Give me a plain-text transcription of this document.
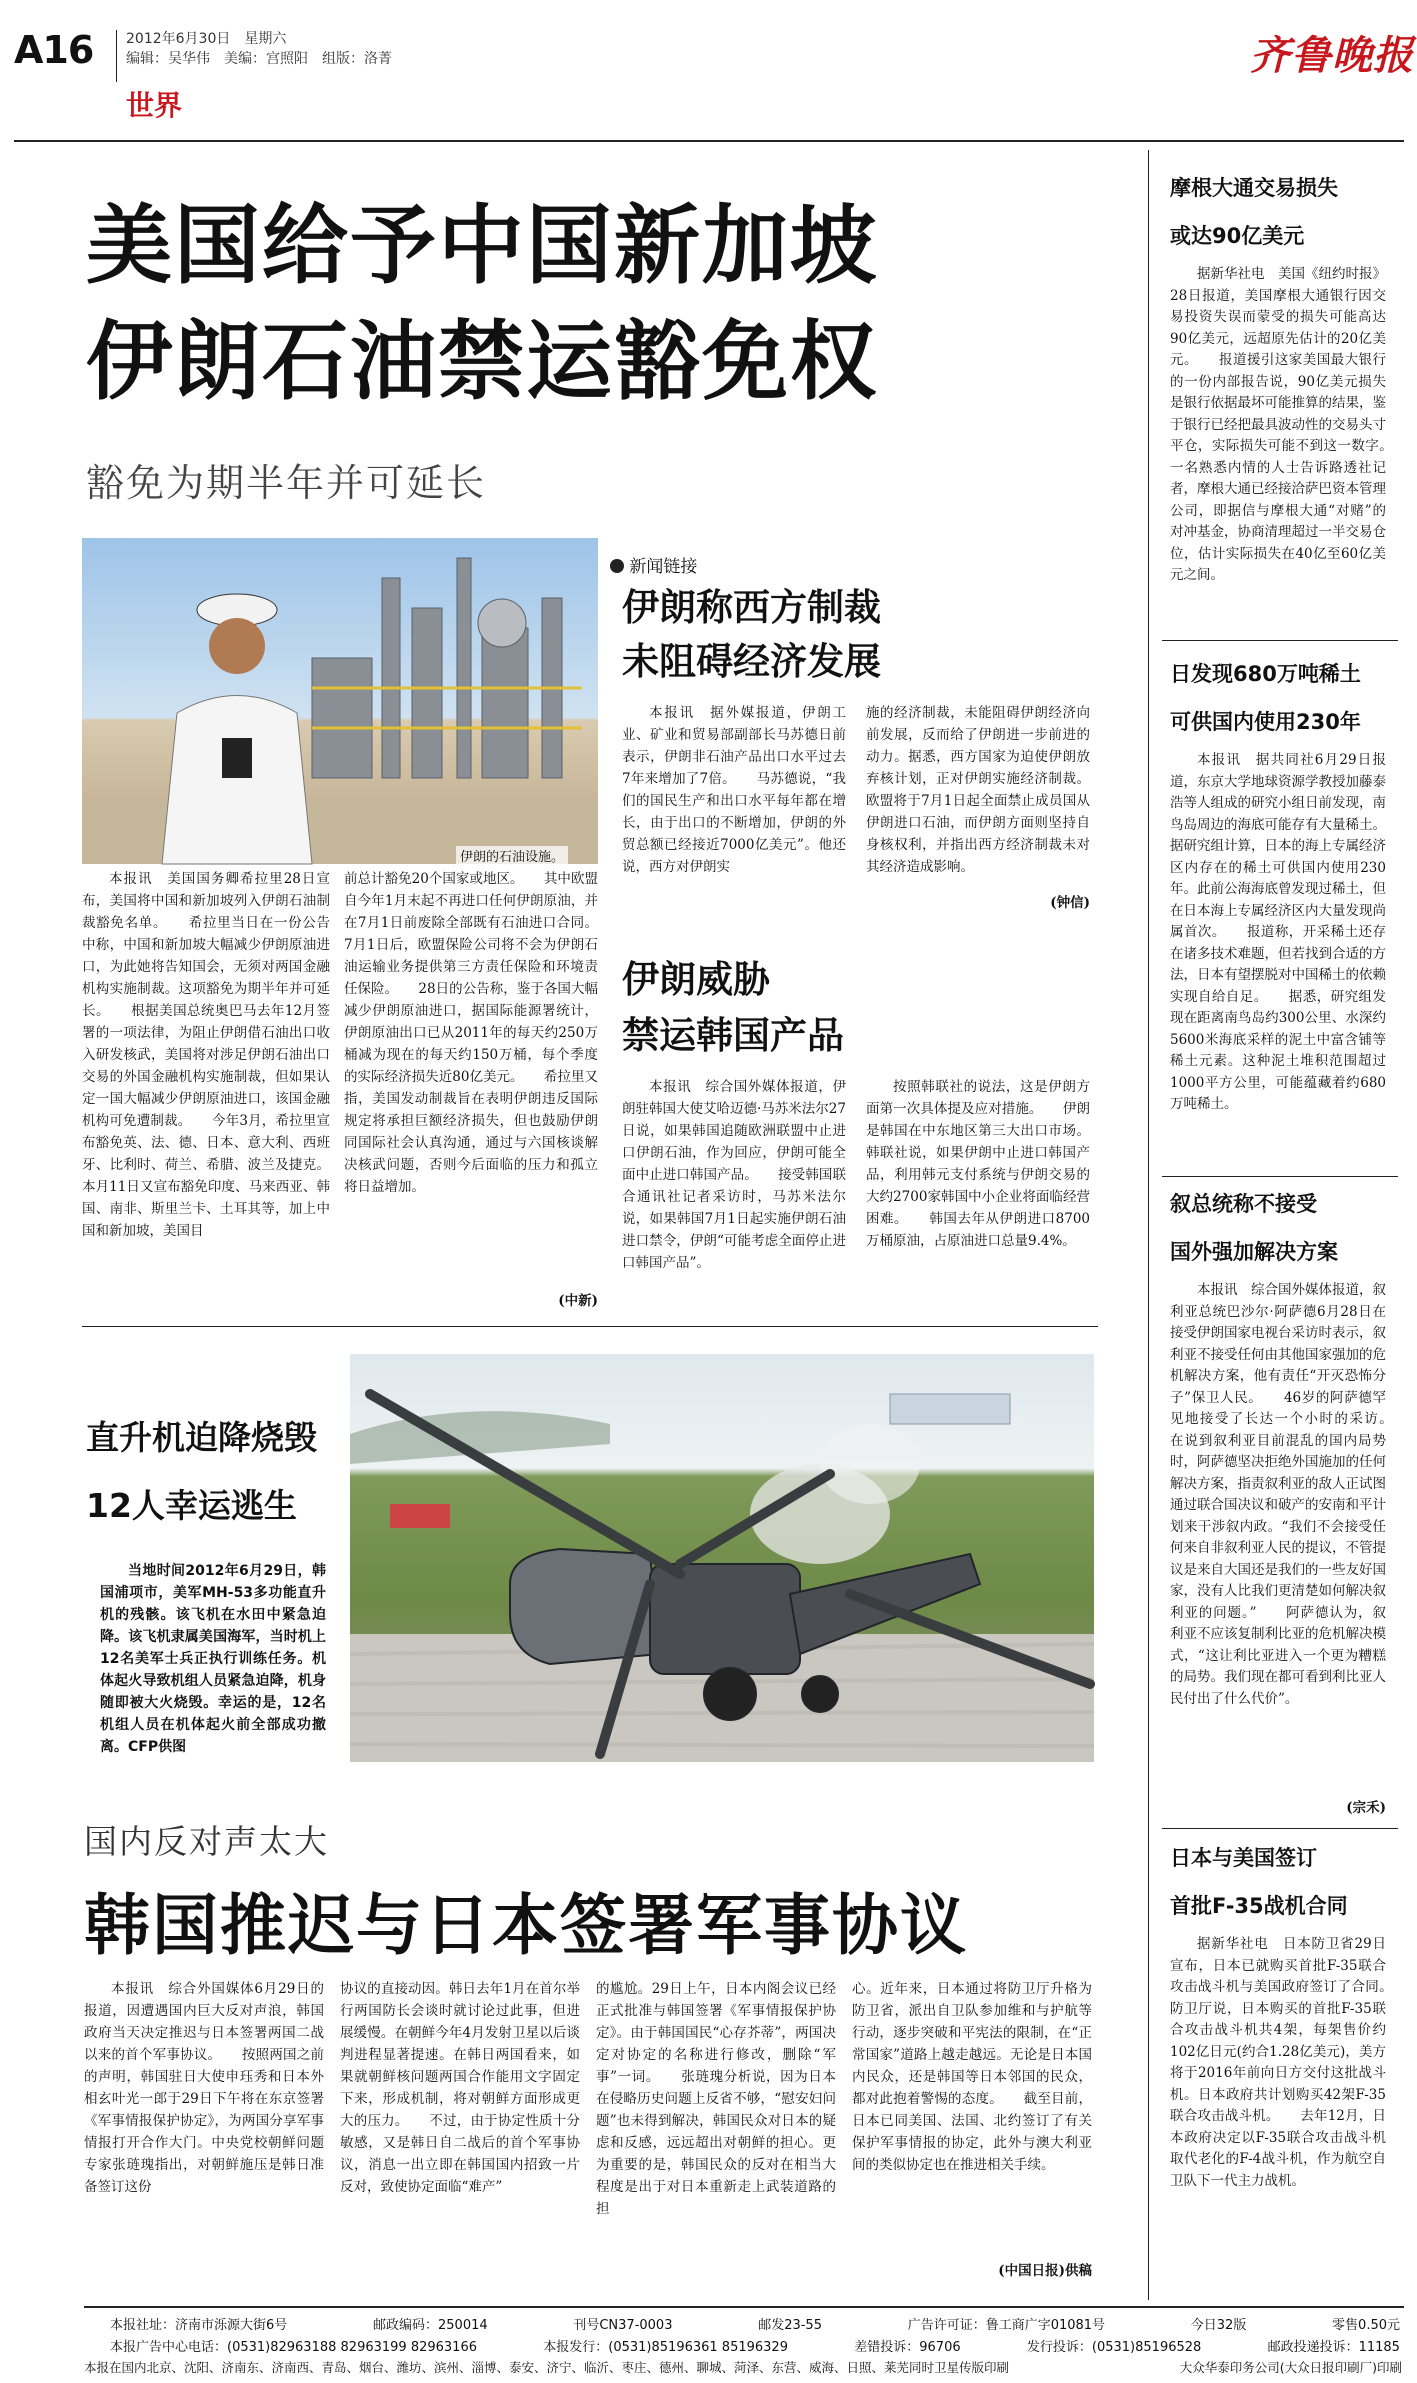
A16 2012年6月30日　星期六
编辑：吴华伟　美编：宫照阳　组版：洛菁
世界
齐鲁晚报
美国给予中国新加坡
伊朗石油禁运豁免权
豁免为期半年并可延长
伊朗的石油设施。
本报讯　美国国务卿希拉里28日宣布，美国将中国和新加坡列入伊朗石油制裁豁免名单。　　希拉里当日在一份公告中称，中国和新加坡大幅减少伊朗原油进口，为此她将告知国会，无须对两国金融机构实施制裁。这项豁免为期半年并可延长。　　根据美国总统奥巴马去年12月签署的一项法律，为阻止伊朗借石油出口收入研发核武，美国将对涉足伊朗石油出口交易的外国金融机构实施制裁，但如果认定一国大幅减少伊朗原油进口，该国金融机构可免遭制裁。　　今年3月，希拉里宣布豁免英、法、德、日本、意大利、西班牙、比利时、荷兰、希腊、波兰及捷克。本月11日又宣布豁免印度、马来西亚、韩国、南非、斯里兰卡、土耳其等，加上中国和新加坡，美国目
前总计豁免20个国家或地区。　　其中欧盟自今年1月末起不再进口任何伊朗原油，并在7月1日前废除全部既有石油进口合同。7月1日后，欧盟保险公司将不会为伊朗石油运输业务提供第三方责任保险和环境责任保险。　　28日的公告称，鉴于各国大幅减少伊朗原油进口，据国际能源署统计，伊朗原油出口已从2011年的每天约250万桶减为现在的每天约150万桶，每个季度的实际经济损失近80亿美元。　　希拉里又指，美国发动制裁旨在表明伊朗违反国际规定将承担巨额经济损失，但也鼓励伊朗同国际社会认真沟通，通过与六国核谈解决核武问题，否则今后面临的压力和孤立将日益增加。
(中新)
新闻链接
伊朗称西方制裁
未阻碍经济发展
本报讯　据外媒报道，伊朗工业、矿业和贸易部副部长马苏德日前表示，伊朗非石油产品出口水平过去7年来增加了7倍。　　马苏德说，“我们的国民生产和出口水平每年都在增长，由于出口的不断增加，伊朗的外贸总额已经接近7000亿美元”。他还说，西方对伊朗实
施的经济制裁，未能阻碍伊朗经济向前发展，反而给了伊朗进一步前进的动力。据悉，西方国家为迫使伊朗放弃核计划，正对伊朗实施经济制裁。欧盟将于7月1日起全面禁止成员国从伊朗进口石油，而伊朗方面则坚持自身核权利，并指出西方经济制裁未对其经济造成影响。
(钟信)
伊朗威胁
禁运韩国产品
本报讯　综合国外媒体报道，伊朗驻韩国大使艾哈迈德·马苏米法尔27日说，如果韩国追随欧洲联盟中止进口伊朗石油，作为回应，伊朗可能全面中止进口韩国产品。　　接受韩国联合通讯社记者采访时，马苏米法尔说，如果韩国7月1日起实施伊朗石油进口禁令，伊朗“可能考虑全面停止进口韩国产品”。
按照韩联社的说法，这是伊朗方面第一次具体提及应对措施。　　伊朗是韩国在中东地区第三大出口市场。韩联社说，如果伊朗中止进口韩国产品，利用韩元支付系统与伊朗交易的大约2700家韩国中小企业将面临经营困难。　　韩国去年从伊朗进口8700万桶原油，占原油进口总量9.4%。
直升机迫降烧毁
12人幸运逃生
当地时间2012年6月29日，韩国浦项市，美军MH-53多功能直升机的残骸。该飞机在水田中紧急迫降。该飞机隶属美国海军，当时机上12名美军士兵正执行训练任务。机体起火导致机组人员紧急迫降，机身随即被大火烧毁。幸运的是，12名机组人员在机体起火前全部成功撤离。CFP供图
国内反对声太大
韩国推迟与日本签署军事协议
本报讯　综合外国媒体6月29日的报道，因遭遇国内巨大反对声浪，韩国政府当天决定推迟与日本签署两国二战以来的首个军事协议。　　按照两国之前的声明，韩国驻日大使申珏秀和日本外相玄叶光一郎于29日下午将在东京签署《军事情报保护协定》，为两国分享军事情报打开合作大门。中央党校朝鲜问题专家张琏瑰指出，对朝鲜施压是韩日准备签订这份
协议的直接动因。韩日去年1月在首尔举行两国防长会谈时就讨论过此事，但进展缓慢。在朝鲜今年4月发射卫星以后谈判进程显著提速。在韩日两国看来，如果就朝鲜核问题两国合作能用文字固定下来，形成机制，将对朝鲜方面形成更大的压力。　　不过，由于协定性质十分敏感，又是韩日自二战后的首个军事协议，消息一出立即在韩国国内招致一片反对，致使协定面临“难产”
的尴尬。29日上午，日本内阁会议已经正式批准与韩国签署《军事情报保护协定》。由于韩国国民“心存芥蒂”，两国决定对协定的名称进行修改，删除“军事”一词。　　张琏瑰分析说，因为日本在侵略历史问题上反省不够，“慰安妇问题”也未得到解决，韩国民众对日本的疑虑和反感，远远超出对朝鲜的担心。更为重要的是，韩国民众的反对在相当大程度是出于对日本重新走上武装道路的担
心。近年来，日本通过将防卫厅升格为防卫省，派出自卫队参加维和与护航等行动，逐步突破和平宪法的限制，在“正常国家”道路上越走越远。无论是日本国内民众，还是韩国等日本邻国的民众，都对此抱着警惕的态度。　　截至目前，日本已同美国、法国、北约签订了有关保护军事情报的协定，此外与澳大利亚间的类似协定也在推进相关手续。
(中国日报)供稿
摩根大通交易损失
或达90亿美元
据新华社电　美国《纽约时报》28日报道，美国摩根大通银行因交易投资失误而蒙受的损失可能高达90亿美元，远超原先估计的20亿美元。　　报道援引这家美国最大银行的一份内部报告说，90亿美元损失是银行依据最坏可能推算的结果，鉴于银行已经把最具波动性的交易头寸平仓，实际损失可能不到这一数字。　　一名熟悉内情的人士告诉路透社记者，摩根大通已经接洽萨巴资本管理公司，即据信与摩根大通“对赌”的对冲基金，协商清理超过一半交易仓位，估计实际损失在40亿至60亿美元之间。
日发现680万吨稀土
可供国内使用230年
本报讯　据共同社6月29日报道，东京大学地球资源学教授加藤泰浩等人组成的研究小组日前发现，南鸟岛周边的海底可能存有大量稀土。据研究组计算，日本的海上专属经济区内存在的稀土可供国内使用230年。此前公海海底曾发现过稀土，但在日本海上专属经济区内大量发现尚属首次。　　报道称，开采稀土还存在诸多技术难题，但若找到合适的方法，日本有望摆脱对中国稀土的依赖实现自给自足。　　据悉，研究组发现在距离南鸟岛约300公里、水深约5600米海底采样的泥土中富含铺等稀土元素。这种泥土堆积范围超过1000平方公里，可能蕴藏着约680万吨稀土。
叙总统称不接受
国外强加解决方案
本报讯　综合国外媒体报道，叙利亚总统巴沙尔·阿萨德6月28日在接受伊朗国家电视台采访时表示，叙利亚不接受任何由其他国家强加的危机解决方案，他有责任“开灭恐怖分子”保卫人民。　　46岁的阿萨德罕见地接受了长达一个小时的采访。　　在说到叙利亚目前混乱的国内局势时，阿萨德坚决拒绝外国施加的任何解决方案，指责叙利亚的敌人正试图通过联合国决议和破产的安南和平计划来干涉叙内政。“我们不会接受任何来自非叙利亚人民的提议，不管提议是来自大国还是我们的一些友好国家，没有人比我们更清楚如何解决叙利亚的问题。”　　阿萨德认为，叙利亚不应该复制利比亚的危机解决模式，“这让利比亚进入一个更为糟糕的局势。我们现在都可看到利比亚人民付出了什么代价”。
(宗禾)
日本与美国签订
首批F-35战机合同
据新华社电　日本防卫省29日宣布，日本已就购买首批F-35联合攻击战斗机与美国政府签订了合同。　　防卫厅说，日本购买的首批F-35联合攻击战斗机共4架，每架售价约102亿日元(约合1.28亿美元)，美方将于2016年前向日方交付这批战斗机。日本政府共计划购买42架F-35联合攻击战斗机。　　去年12月，日本政府决定以F-35联合攻击战斗机取代老化的F-4战斗机，作为航空自卫队下一代主力战机。
本报社址：济南市泺源大街6号	邮政编码：250014	刊号CN37-0003	邮发23-55	广告许可证：鲁工商广字01081号	今日32版	零售0.50元
本报广告中心电话：(0531)82963188 82963199 82963166	本报发行：(0531)85196361 85196329	差错投诉：96706	发行投诉：(0531)85196528	邮政投递投诉：11185
本报在国内北京、沈阳、济南东、济南西、青岛、烟台、潍坊、滨州、淄博、泰安、济宁、临沂、枣庄、德州、聊城、菏泽、东营、威海、日照、莱芜同时卫星传版印刷	大众华泰印务公司(大众日报印刷厂)印刷
